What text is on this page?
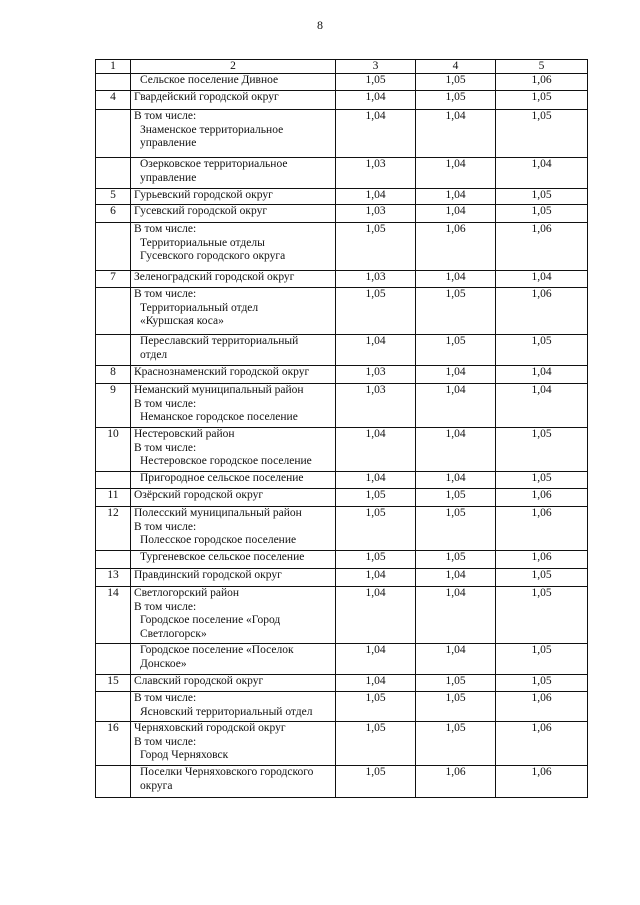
8
1	2	3	4	5

	Сельское поселение Дивное	1,05	1,05	1,06
4	Гвардейский городской округ	1,04	1,05	1,05

	В том числе:
Знаменское территориальное
управление	1,04	1,04	1,05

	Озерковское территориальное
управление	1,03	1,04	1,04
5	Гурьевский городской округ	1,04	1,04	1,05
6	Гусевский городской округ	1,03	1,04	1,05

	В том числе:
Территориальные отделы
Гусевского городского округа	1,05	1,06	1,06
7	Зеленоградский городской округ	1,03	1,04	1,04

	В том числе:
Территориальный отдел
«Куршская коса»	1,05	1,05	1,06

	Переславский территориальный
отдел	1,04	1,05	1,05
8	Краснознаменский городской округ	1,03	1,04	1,04
9	Неманский муниципальный район
В том числе:
Неманское городское поселение	1,03	1,04	1,04
10	Нестеровский район
В том числе:
Нестеровское городское поселение	1,04	1,04	1,05

	Пригородное сельское поселение	1,04	1,04	1,05
11	Озёрский городской округ	1,05	1,05	1,06
12	Полесский муниципальный район
В том числе:
Полесское городское поселение	1,05	1,05	1,06

	Тургеневское сельское поселение	1,05	1,05	1,06
13	Правдинский городской округ	1,04	1,04	1,05
14	Светлогорский район
В том числе:
Городское поселение «Город
Светлогорск»	1,04	1,04	1,05

	Городское поселение «Поселок
Донское»	1,04	1,04	1,05
15	Славский городской округ	1,04	1,05	1,05

	В том числе:
Ясновский территориальный отдел	1,05	1,05	1,06
16	Черняховский городской округ
В том числе:
Город Черняховск	1,05	1,05	1,06

	Поселки Черняховского городского
округа	1,05	1,06	1,06
